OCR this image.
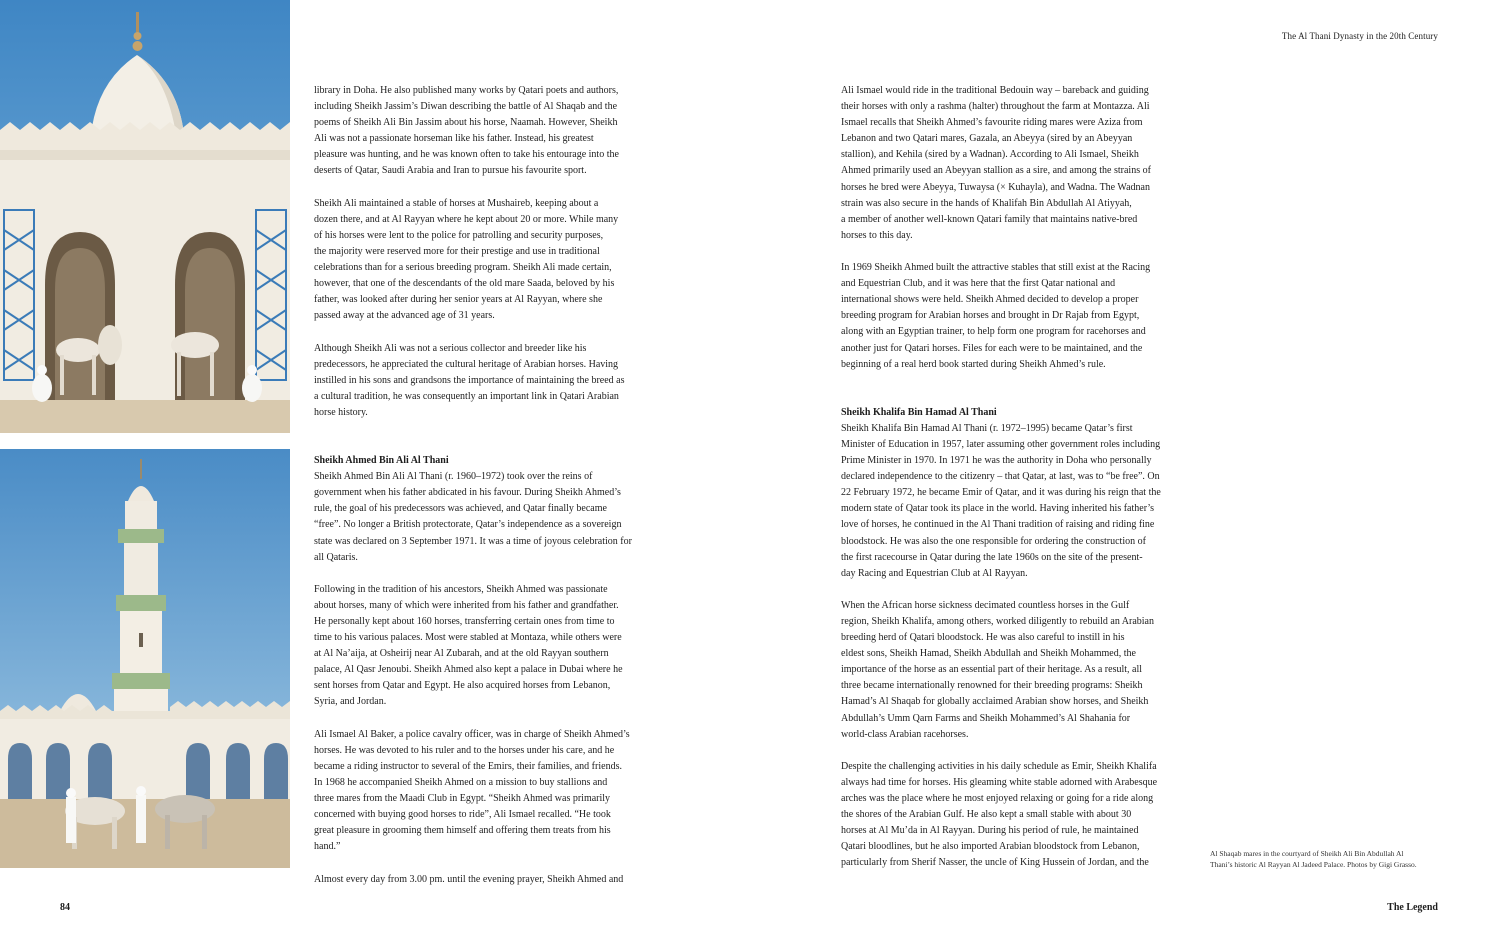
The Al Thani Dynasty in the 20th Century

library in Doha. He also published many works by Qatari poets and authors,
including Sheikh Jassim’s Diwan describing the battle of Al Shaqab and the
poems of Sheikh Ali Bin Jassim about his horse, Naamah. However, Sheikh
Ali was not a passionate horseman like his father. Instead, his greatest
pleasure was hunting, and he was known often to take his entourage into the
deserts of Qatar, Saudi Arabia and Iran to pursue his favourite sport.

Sheikh Ali maintained a stable of horses at Mushaireb, keeping about a
dozen there, and at Al Rayyan where he kept about 20 or more. While many
of his horses were lent to the police for patrolling and security purposes,
the majority were reserved more for their prestige and use in traditional
celebrations than for a serious breeding program. Sheikh Ali made certain,
however, that one of the descendants of the old mare Saada, beloved by his
father, was looked after during her senior years at Al Rayyan, where she
passed away at the advanced age of 31 years.

Although Sheikh Ali was not a serious collector and breeder like his
predecessors, he appreciated the cultural heritage of Arabian horses. Having
instilled in his sons and grandsons the importance of maintaining the breed as
a cultural tradition, he was consequently an important link in Qatari Arabian
horse history.

Sheikh Ahmed Bin Ali Al Thani

Sheikh Ahmed Bin Ali Al Thani (r. 1960–1972) took over the reins of
government when his father abdicated in his favour. During Sheikh Ahmed’s
rule, the goal of his predecessors was achieved, and Qatar finally became
“free”. No longer a British protectorate, Qatar’s independence as a sovereign
state was declared on 3 September 1971. It was a time of joyous celebration for
all Qataris.

Following in the tradition of his ancestors, Sheikh Ahmed was passionate
about horses, many of which were inherited from his father and grandfather.
He personally kept about 160 horses, transferring certain ones from time to
time to his various palaces. Most were stabled at Montaza, while others were
at Al Na’aija, at Osheirij near Al Zubarah, and at the old Rayyan southern
palace, Al Qasr Jenoubi. Sheikh Ahmed also kept a palace in Dubai where he
sent horses from Qatar and Egypt. He also acquired horses from Lebanon,
Syria, and Jordan.

Ali Ismael Al Baker, a police cavalry officer, was in charge of Sheikh Ahmed’s
horses. He was devoted to his ruler and to the horses under his care, and he
became a riding instructor to several of the Emirs, their families, and friends.
In 1968 he accompanied Sheikh Ahmed on a mission to buy stallions and
three mares from the Maadi Club in Egypt. “Sheikh Ahmed was primarily
concerned with buying good horses to ride”, Ali Ismael recalled. “He took
great pleasure in grooming them himself and offering them treats from his
hand.”

Almost every day from 3.00 pm. until the evening prayer, Sheikh Ahmed and

Ali Ismael would ride in the traditional Bedouin way – bareback and guiding
their horses with only a rashma (halter) throughout the farm at Montazza. Ali
Ismael recalls that Sheikh Ahmed’s favourite riding mares were Aziza from
Lebanon and two Qatari mares, Gazala, an Abeyya (sired by an Abeyyan
stallion), and Kehila (sired by a Wadnan). According to Ali Ismael, Sheikh
Ahmed primarily used an Abeyyan stallion as a sire, and among the strains of
horses he bred were Abeyya, Tuwaysa (× Kuhayla), and Wadna. The Wadnan
strain was also secure in the hands of Khalifah Bin Abdullah Al Atiyyah,
a member of another well-known Qatari family that maintains native-bred
horses to this day.

In 1969 Sheikh Ahmed built the attractive stables that still exist at the Racing
and Equestrian Club, and it was here that the first Qatar national and
international shows were held. Sheikh Ahmed decided to develop a proper
breeding program for Arabian horses and brought in Dr Rajab from Egypt,
along with an Egyptian trainer, to help form one program for racehorses and
another just for Qatari horses. Files for each were to be maintained, and the
beginning of a real herd book started during Sheikh Ahmed’s rule.

Sheikh Khalifa Bin Hamad Al Thani

Sheikh Khalifa Bin Hamad Al Thani (r. 1972–1995) became Qatar’s first
Minister of Education in 1957, later assuming other government roles including
Prime Minister in 1970. In 1971 he was the authority in Doha who personally
declared independence to the citizenry – that Qatar, at last, was to “be free”. On
22 February 1972, he became Emir of Qatar, and it was during his reign that the
modern state of Qatar took its place in the world. Having inherited his father’s
love of horses, he continued in the Al Thani tradition of raising and riding fine
bloodstock. He was also the one responsible for ordering the construction of
the first racecourse in Qatar during the late 1960s on the site of the present-
day Racing and Equestrian Club at Al Rayyan.

When the African horse sickness decimated countless horses in the Gulf
region, Sheikh Khalifa, among others, worked diligently to rebuild an Arabian
breeding herd of Qatari bloodstock. He was also careful to instill in his
eldest sons, Sheikh Hamad, Sheikh Abdullah and Sheikh Mohammed, the
importance of the horse as an essential part of their heritage. As a result, all
three became internationally renowned for their breeding programs: Sheikh
Hamad’s Al Shaqab for globally acclaimed Arabian show horses, and Sheikh
Abdullah’s Umm Qarn Farms and Sheikh Mohammed’s Al Shahania for
world-class Arabian racehorses.

Despite the challenging activities in his daily schedule as Emir, Sheikh Khalifa
always had time for horses. His gleaming white stable adorned with Arabesque
arches was the place where he most enjoyed relaxing or going for a ride along
the shores of the Arabian Gulf. He also kept a small stable with about 30
horses at Al Mu’da in Al Rayyan. During his period of rule, he maintained
Qatari bloodlines, but he also imported Arabian bloodstock from Lebanon,
particularly from Sherif Nasser, the uncle of King Hussein of Jordan, and the

Al Shaqab mares in the courtyard of Sheikh Ali Bin Abdullah Al
Thani’s historic Al Rayyan Al Jadeed Palace. Photos by Gigi Grasso.
84	The Legend
